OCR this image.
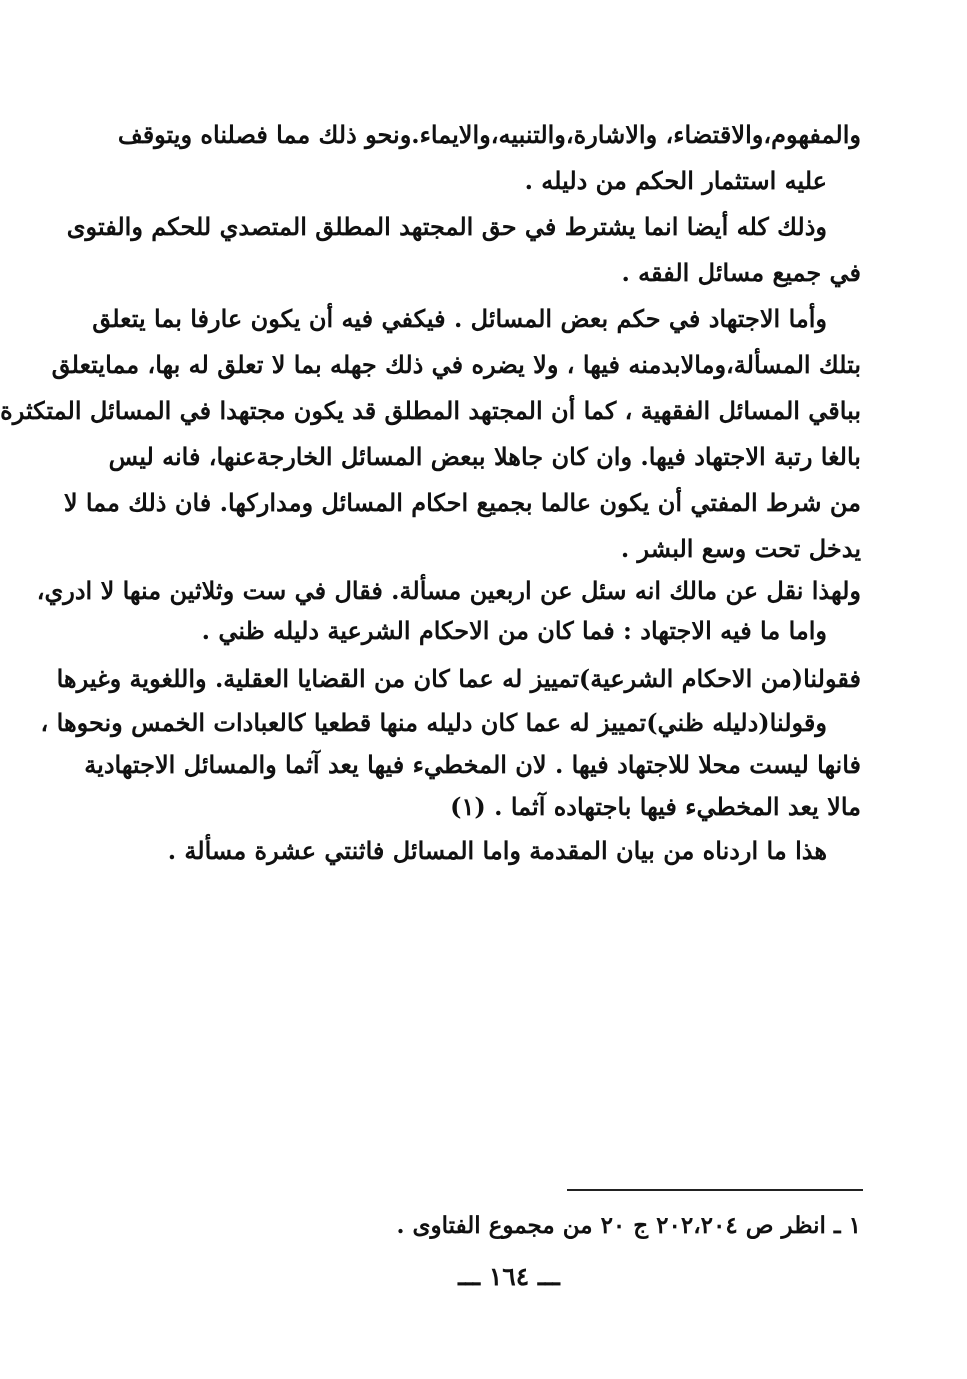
والمفهوم،والاقتضاء، والاشارة،والتنبيه،والايماء.ونحو ذلك مما فصلناه ويتوقف
عليه استثمار الحكم من دليله .
وذلك كله أيضا انما يشترط في حق المجتهد المطلق المتصدي للحكم والفتوى
في جميع مسائل الفقه .
وأما الاجتهاد في حكم بعض المسائل . فيكفي فيه أن يكون عارفا بما يتعلق
بتلك المسألة،ومالابدمنه فيها ، ولا يضره في ذلك جهله بما لا تعلق له بها، ممايتعلق
بباقي المسائل الفقهية ، كما أن المجتهد المطلق قد يكون مجتهدا في المسائل المتكثرة
بالغا رتبة الاجتهاد فيها. وان كان جاهلا ببعض المسائل الخارجةعنها، فانه ليس
من شرط المفتي أن يكون عالما بجميع احكام المسائل ومداركها. فان ذلك مما لا
يدخل تحت وسع البشر .
ولهذا نقل عن مالك انه سئل عن اربعين مسألة. فقال في ست وثلاثين منها لا ادري،
واما ما فيه الاجتهاد : فما كان من الاحكام الشرعية دليله ظني .
فقولنا(من الاحكام الشرعية)تمييز له عما كان من القضايا العقلية. واللغوية وغيرها
وقولنا(دليله ظني)تمييز له عما كان دليله منها قطعيا كالعبادات الخمس ونحوها ،
فانها ليست محلا للاجتهاد فيها . لان المخطيء فيها يعد آثما والمسائل الاجتهادية
مالا يعد المخطيء فيها باجتهاده آثما . (١)
هذا ما اردناه من بيان المقدمة واما المسائل فاثنتي عشرة مسألة .
١ ـ انظر ص ٢٠٢،٢٠٤ ج ٢٠ من مجموع الفتاوى .
ـــ ١٦٤ ـــ
